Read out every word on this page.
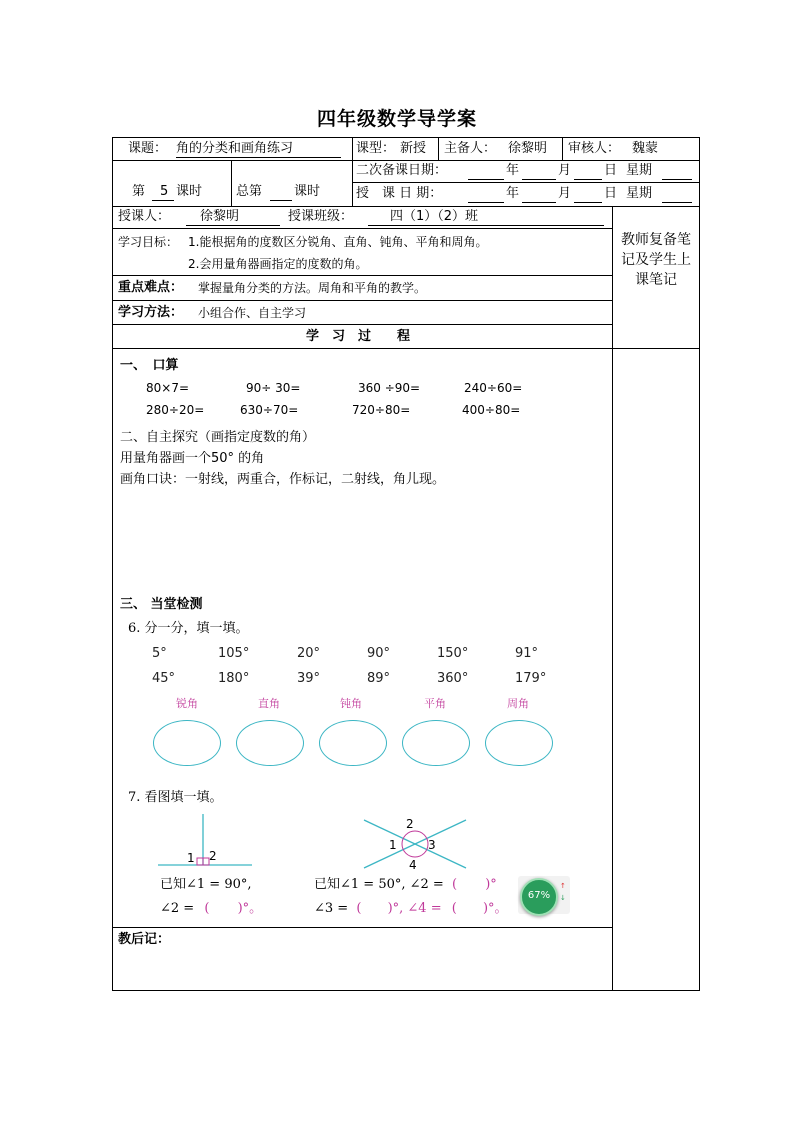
四年级数学导学案
课题： 角的分类和画角练习	课型： 新授 主备人： 徐黎明 审核人： 魏蒙
第 5 课时	总第 课时
二次备课日期：	年	月	日 星期
授　课 日 期：	年	月	日 星期
授课人： 徐黎明	授课班级：	四（1）（2）班
教师复备笔记及学生上课笔记
学习目标： 1.能根据角的度数区分锐角、直角、钝角、平角和周角。
2.会用量角器画指定的度数的角。
重点难点： 掌握量角分类的方法。周角和平角的教学。
学习方法： 小组合作、自主学习
学　习　过　　程
一、　口算
80×7=	90÷ 30=	360 ÷90=	240÷60=
280÷20=	630÷70=	720÷80=	400÷80=
二、自主探究（画指定度数的角）
用量角器画一个50° 的角
画角口诀：一射线，两重合，作标记，二射线，角儿现。
三、 当堂检测
6. 分一分，填一填。
5°	105°	20°	90°	150°	91°
45°	180°	39°	89°	360°	179°
锐角	直角	钝角	平角	周角
7. 看图填一填。
1 2
2
1	3
4
已知∠1 = 90°,
∠2 = ( )°。
已知∠1 = 50°, ∠2 = ( )°
∠3 = ( )°, ∠4 = ( )°。
67%
↑
↓
教后记：
